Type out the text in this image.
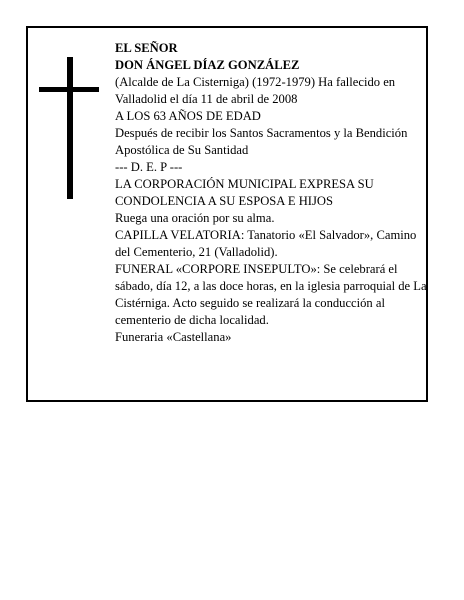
EL SEÑOR
DON ÁNGEL DÍAZ GONZÁLEZ
(Alcalde de La Cisterniga) (1972-1979) Ha fallecido en Valladolid el día 11 de abril de 2008
A LOS 63 AÑOS DE EDAD
Después de recibir los Santos Sacramentos y la Bendición Apostólica de Su Santidad
--- D. E. P ---
LA CORPORACIÓN MUNICIPAL EXPRESA SU CONDOLENCIA A SU ESPOSA E HIJOS
Ruega una oración por su alma.
CAPILLA VELATORIA: Tanatorio «El Salvador», Camino del Cementerio, 21 (Valladolid).
FUNERAL «CORPORE INSEPULTO»: Se celebrará el sábado, día 12, a las doce horas, en la iglesia parroquial de La Cistérniga. Acto seguido se realizará la conducción al cementerio de dicha localidad.
Funeraria «Castellana»
